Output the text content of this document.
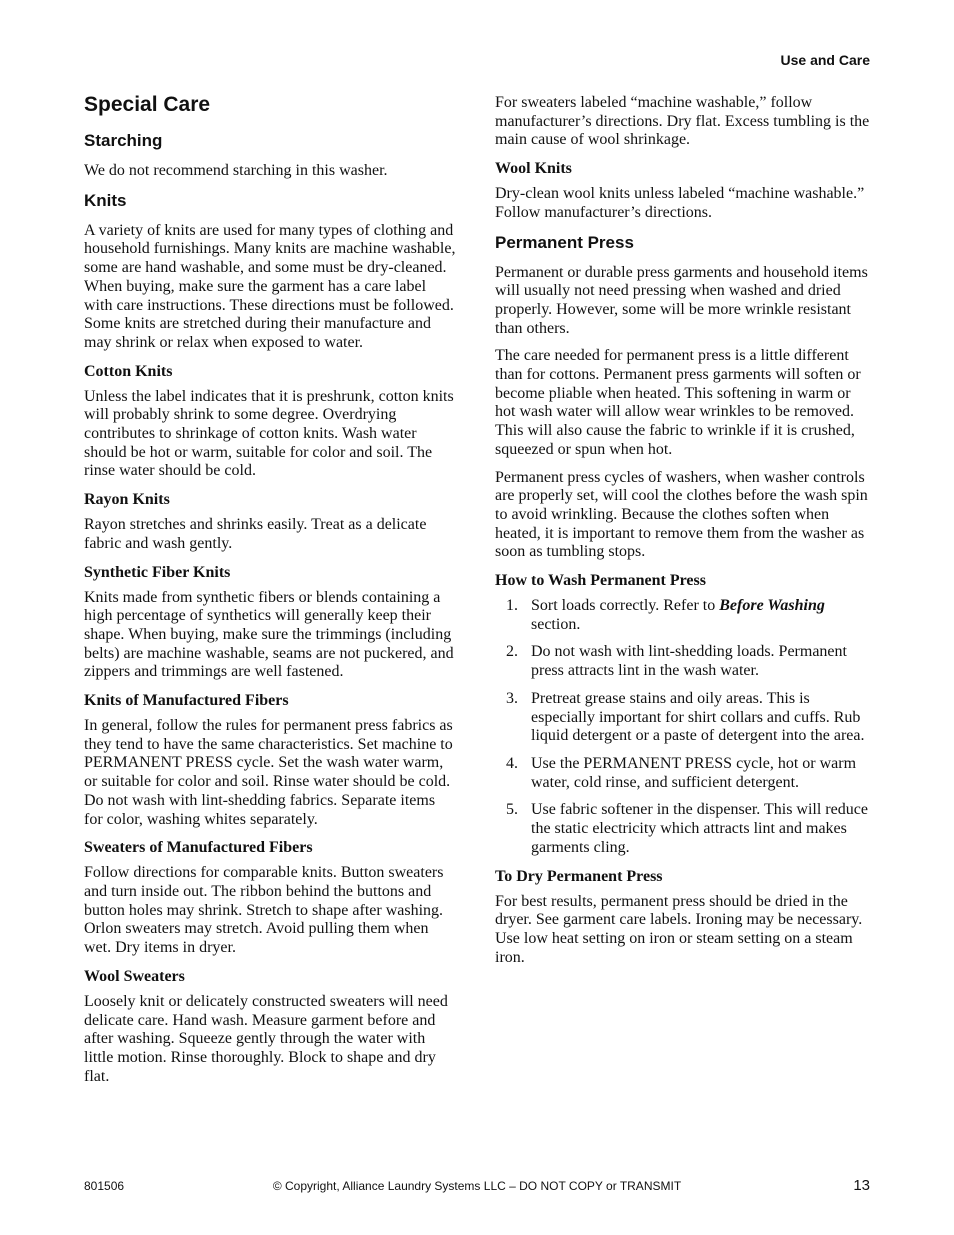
Use and Care
Special Care
Starching

We do not recommend starching in this washer.

Knits

A variety of knits are used for many types of clothing and household furnishings. Many knits are machine washable, some are hand washable, and some must be dry-cleaned. When buying, make sure the garment has a care label with care instructions. These directions must be followed. Some knits are stretched during their manufacture and may shrink or relax when exposed to water.

Cotton Knits

Unless the label indicates that it is preshrunk, cotton knits will probably shrink to some degree. Overdrying contributes to shrinkage of cotton knits. Wash water should be hot or warm, suitable for color and soil. The rinse water should be cold.

Rayon Knits

Rayon stretches and shrinks easily. Treat as a delicate fabric and wash gently.

Synthetic Fiber Knits

Knits made from synthetic fibers or blends containing a high percentage of synthetics will generally keep their shape. When buying, make sure the trimmings (including belts) are machine washable, seams are not puckered, and zippers and trimmings are well fastened.

Knits of Manufactured Fibers

In general, follow the rules for permanent press fabrics as they tend to have the same characteristics. Set machine to PERMANENT PRESS cycle. Set the wash water warm, or suitable for color and soil. Rinse water should be cold. Do not wash with lint-shedding fabrics. Separate items for color, washing whites separately.

Sweaters of Manufactured Fibers

Follow directions for comparable knits. Button sweaters and turn inside out. The ribbon behind the buttons and button holes may shrink. Stretch to shape after washing. Orlon sweaters may stretch. Avoid pulling them when wet. Dry items in dryer.

Wool Sweaters

Loosely knit or delicately constructed sweaters will need delicate care. Hand wash. Measure garment before and after washing. Squeeze gently through the water with little motion. Rinse thoroughly. Block to shape and dry flat.

For sweaters labeled “machine washable,” follow manufacturer’s directions. Dry flat. Excess tumbling is the main cause of wool shrinkage.

Wool Knits

Dry-clean wool knits unless labeled “machine washable.” Follow manufacturer’s directions.

Permanent Press

Permanent or durable press garments and household items will usually not need pressing when washed and dried properly. However, some will be more wrinkle resistant than others.

The care needed for permanent press is a little different than for cottons. Permanent press garments will soften or become pliable when heated. This softening in warm or hot wash water will allow wear wrinkles to be removed. This will also cause the fabric to wrinkle if it is crushed, squeezed or spun when hot.

Permanent press cycles of washers, when washer controls are properly set, will cool the clothes before the wash spin to avoid wrinkling. Because the clothes soften when heated, it is important to remove them from the washer as soon as tumbling stops.

How to Wash Permanent Press
1. Sort loads correctly. Refer to Before Washing section.
2. Do not wash with lint-shedding loads. Permanent press attracts lint in the wash water.
3. Pretreat grease stains and oily areas. This is especially important for shirt collars and cuffs. Rub liquid detergent or a paste of detergent into the area.
4. Use the PERMANENT PRESS cycle, hot or warm water, cold rinse, and sufficient detergent.
5. Use fabric softener in the dispenser. This will reduce the static electricity which attracts lint and makes garments cling.
To Dry Permanent Press

For best results, permanent press should be dried in the dryer. See garment care labels. Ironing may be necessary. Use low heat setting on iron or steam setting on a steam iron.

801506	© Copyright, Alliance Laundry Systems LLC – DO NOT COPY or TRANSMIT	13
